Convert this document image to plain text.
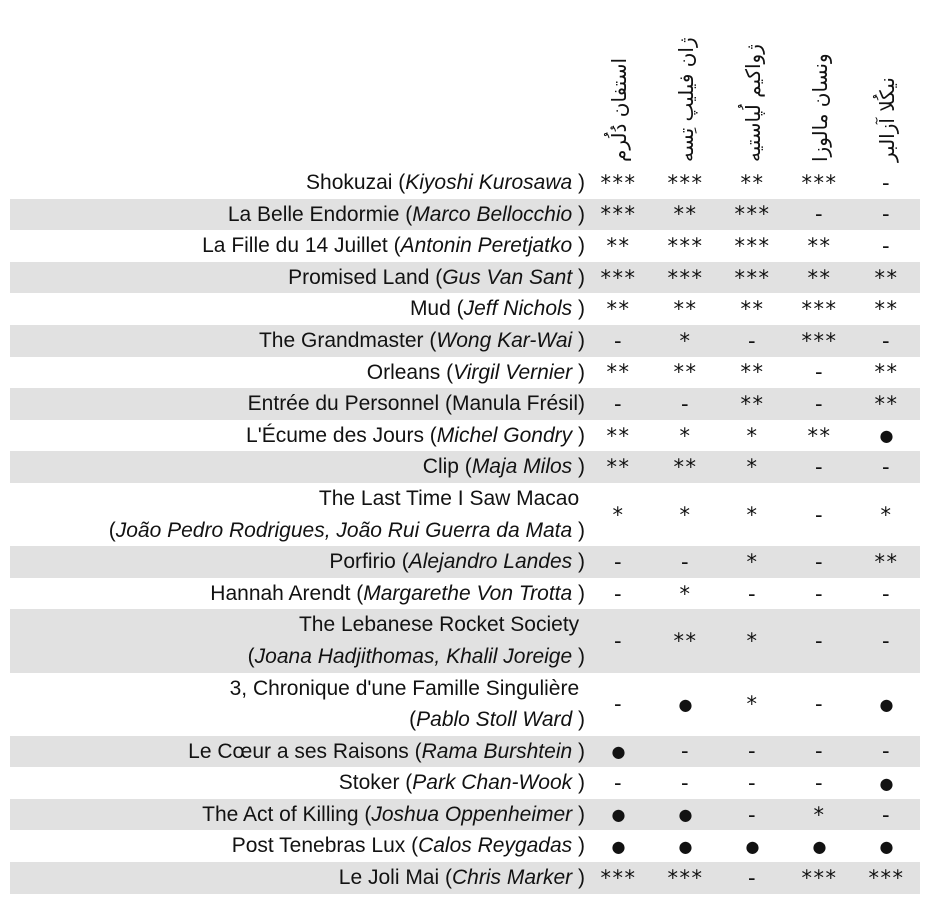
استفان دُلُرم ژان فیلیپ تِسه ژواکیم لُپاستیه ونسان مالوزا نیکُلا آزالبر
Shokuzai (Kiyoshi Kurosawa ) ***	***	**	***	-
La Belle Endormie (Marco Bellocchio ) ***	**	***	-	-
La Fille du 14 Juillet (Antonin Peretjatko )	**	***	***	**	-
Promised Land (Gus Van Sant ) ***	***	***	**	**
Mud (Jeff Nichols )	**	**	**	***	**
The Grandmaster (Wong Kar-Wai )	-	*	-	***	-
Orleans (Virgil Vernier )	**	**	**	-	**
Entrée du Personnel (Manula Frésil)	-	-	**	-	**
L'Écume des Jours (Michel Gondry )	**	*	*	**	●
Clip (Maja Milos )	**	**	*	-	-
The Last Time I Saw Macao
(João Pedro Rodrigues, João Rui Guerra da Mata )
*	*	*	-	*
Porfirio (Alejandro Landes )	-	-	*	-	**
Hannah Arendt (Margarethe Von Trotta )	-	*	-	-	-
The Lebanese Rocket Society
(Joana Hadjithomas, Khalil Joreige )
-	**	*	-	-
3, Chronique d'une Famille Singulière
(Pablo Stoll Ward )
-	●	*	-	●
Le Cœur a ses Raisons (Rama Burshtein )	●	-	-	-	-
Stoker (Park Chan-Wook )	-	-	-	-	●
The Act of Killing (Joshua Oppenheimer )	●	●	-	*	-
Post Tenebras Lux (Calos Reygadas )	●	●	●	●	●
Le Joli Mai (Chris Marker ) ***	***	-	***	***
